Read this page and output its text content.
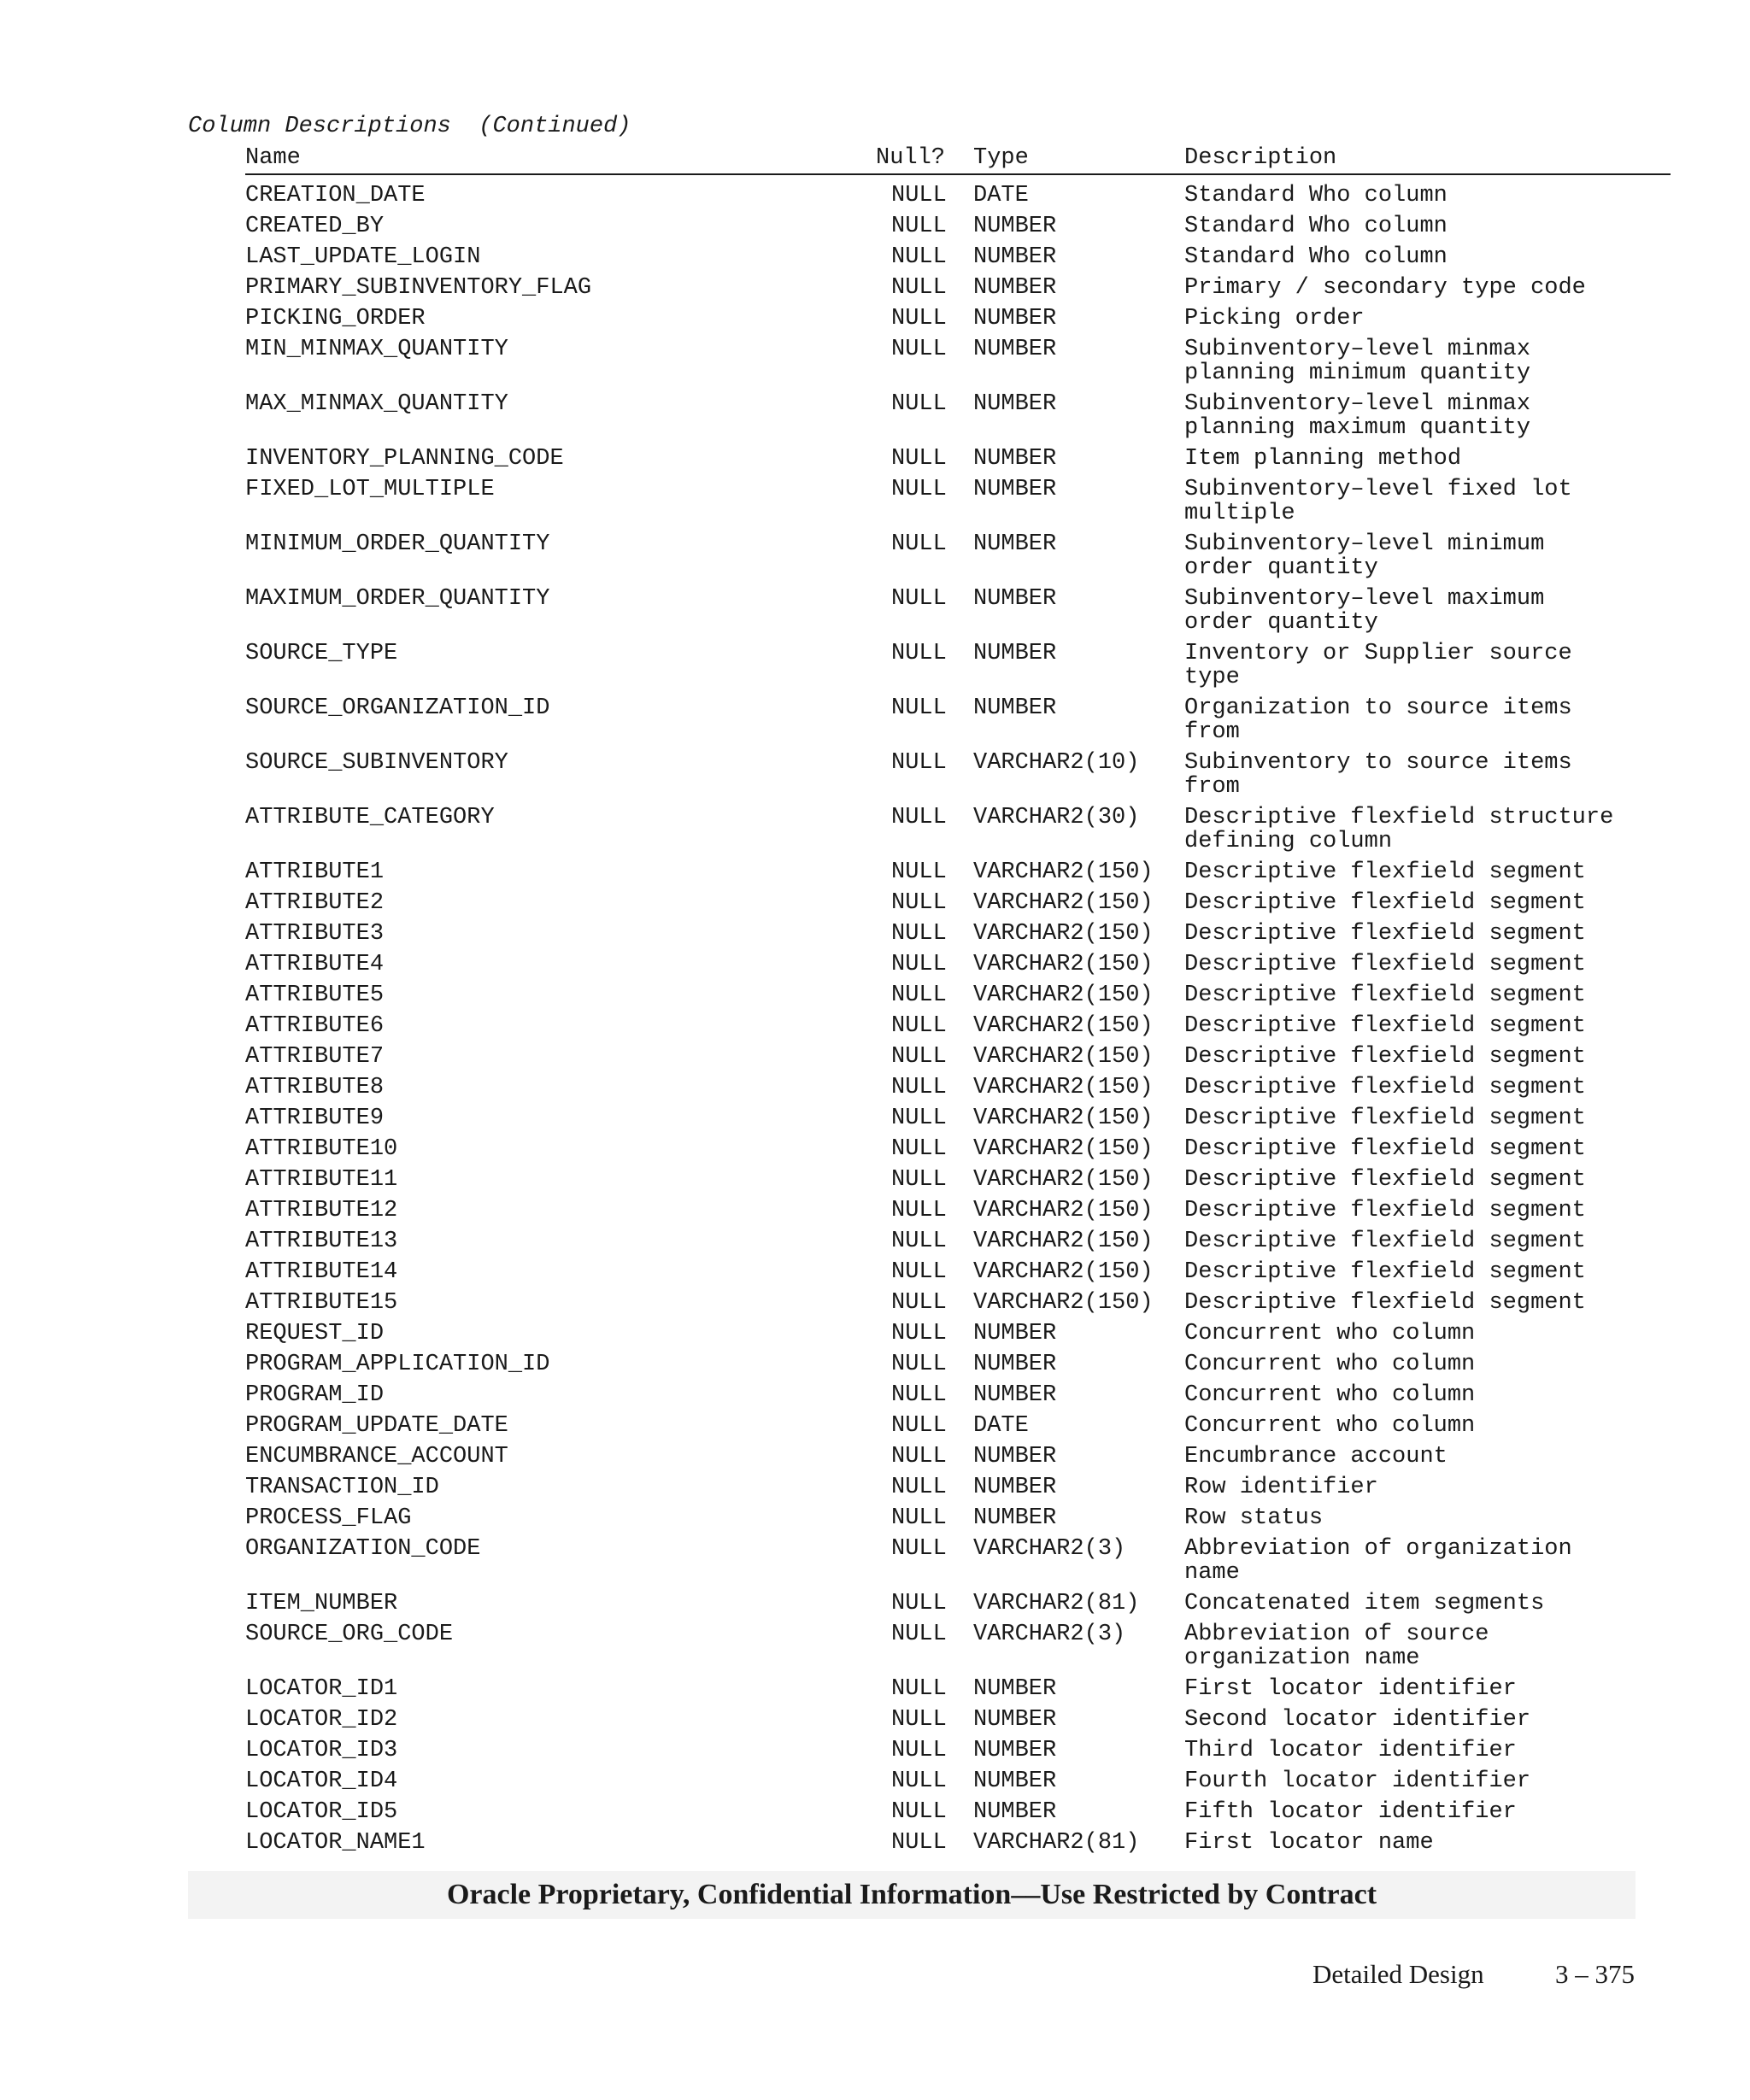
Column Descriptions  (Continued)
Name	Null? Type	Description
CREATION_DATE	NULL DATE	Standard Who column
CREATED_BY	NULL NUMBER	Standard Who column
LAST_UPDATE_LOGIN	NULL NUMBER	Standard Who column
PRIMARY_SUBINVENTORY_FLAG	NULL NUMBER	Primary / secondary type code
PICKING_ORDER	NULL NUMBER	Picking order
MIN_MINMAX_QUANTITY	NULL NUMBER	Subinventory–level minmax
planning minimum quantity
MAX_MINMAX_QUANTITY	NULL NUMBER	Subinventory–level minmax
planning maximum quantity
INVENTORY_PLANNING_CODE	NULL NUMBER	Item planning method
FIXED_LOT_MULTIPLE	NULL NUMBER	Subinventory–level fixed lot
multiple
MINIMUM_ORDER_QUANTITY	NULL NUMBER	Subinventory–level minimum
order quantity
MAXIMUM_ORDER_QUANTITY	NULL NUMBER	Subinventory–level maximum
order quantity
SOURCE_TYPE	NULL NUMBER	Inventory or Supplier source
type
SOURCE_ORGANIZATION_ID	NULL NUMBER	Organization to source items
from
SOURCE_SUBINVENTORY	NULL VARCHAR2(10) Subinventory to source items
from
ATTRIBUTE_CATEGORY	NULL VARCHAR2(30) Descriptive flexfield structure
defining column
ATTRIBUTE1	NULL VARCHAR2(150) Descriptive flexfield segment
ATTRIBUTE2	NULL VARCHAR2(150) Descriptive flexfield segment
ATTRIBUTE3	NULL VARCHAR2(150) Descriptive flexfield segment
ATTRIBUTE4	NULL VARCHAR2(150) Descriptive flexfield segment
ATTRIBUTE5	NULL VARCHAR2(150) Descriptive flexfield segment
ATTRIBUTE6	NULL VARCHAR2(150) Descriptive flexfield segment
ATTRIBUTE7	NULL VARCHAR2(150) Descriptive flexfield segment
ATTRIBUTE8	NULL VARCHAR2(150) Descriptive flexfield segment
ATTRIBUTE9	NULL VARCHAR2(150) Descriptive flexfield segment
ATTRIBUTE10	NULL VARCHAR2(150) Descriptive flexfield segment
ATTRIBUTE11	NULL VARCHAR2(150) Descriptive flexfield segment
ATTRIBUTE12	NULL VARCHAR2(150) Descriptive flexfield segment
ATTRIBUTE13	NULL VARCHAR2(150) Descriptive flexfield segment
ATTRIBUTE14	NULL VARCHAR2(150) Descriptive flexfield segment
ATTRIBUTE15	NULL VARCHAR2(150) Descriptive flexfield segment
REQUEST_ID	NULL NUMBER	Concurrent who column
PROGRAM_APPLICATION_ID	NULL NUMBER	Concurrent who column
PROGRAM_ID	NULL NUMBER	Concurrent who column
PROGRAM_UPDATE_DATE	NULL DATE	Concurrent who column
ENCUMBRANCE_ACCOUNT	NULL NUMBER	Encumbrance account
TRANSACTION_ID	NULL NUMBER	Row identifier
PROCESS_FLAG	NULL NUMBER	Row status
ORGANIZATION_CODE	NULL VARCHAR2(3)	Abbreviation of organization
name
ITEM_NUMBER	NULL VARCHAR2(81) Concatenated item segments
SOURCE_ORG_CODE	NULL VARCHAR2(3)	Abbreviation of source
organization name
LOCATOR_ID1	NULL NUMBER	First locator identifier
LOCATOR_ID2	NULL NUMBER	Second locator identifier
LOCATOR_ID3	NULL NUMBER	Third locator identifier
LOCATOR_ID4	NULL NUMBER	Fourth locator identifier
LOCATOR_ID5	NULL NUMBER	Fifth locator identifier
LOCATOR_NAME1	NULL VARCHAR2(81) First locator name
Oracle Proprietary, Confidential Information––Use Restricted by Contract
Detailed Design	3 – 375
